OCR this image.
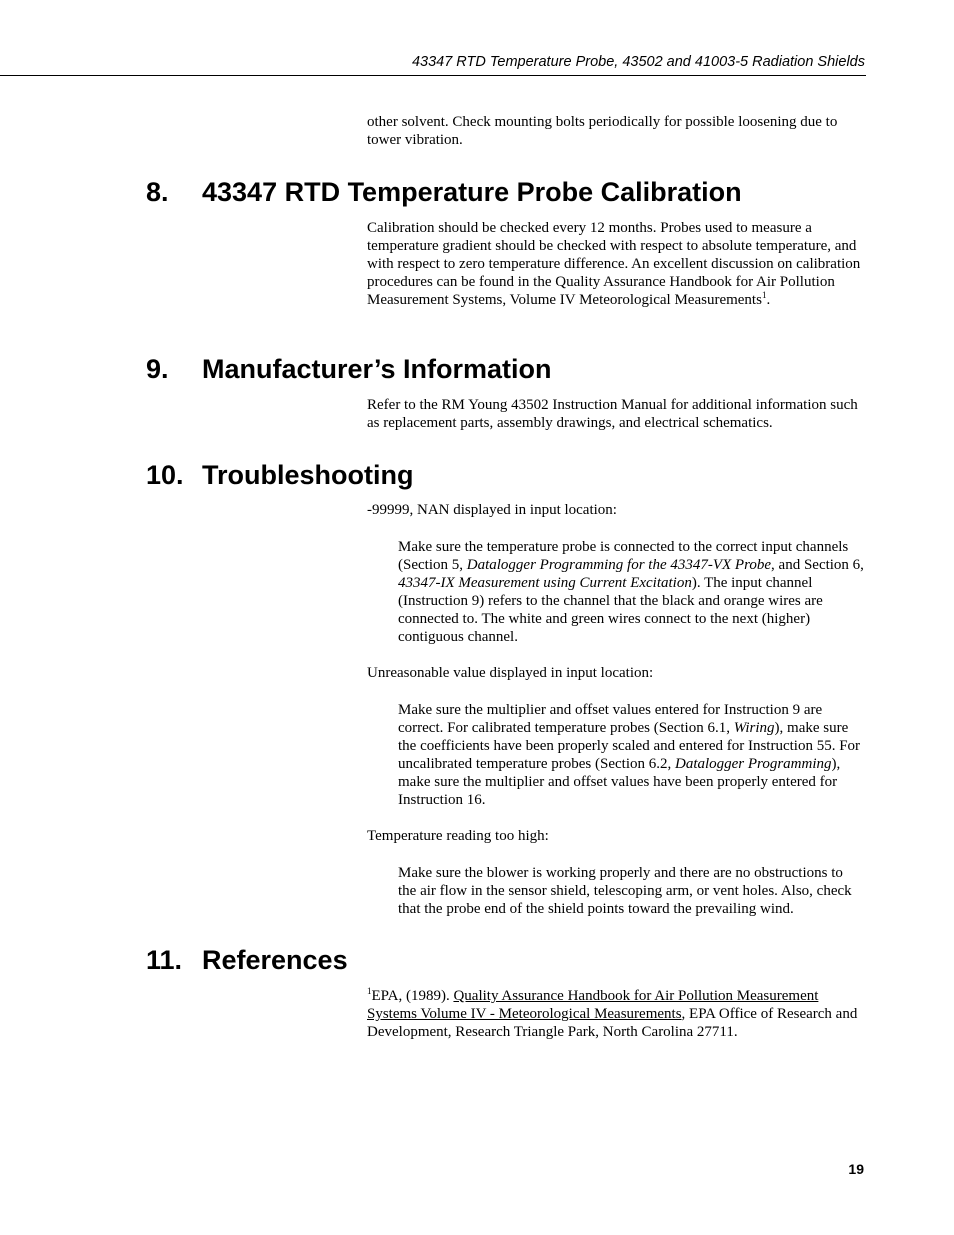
43347 RTD Temperature Probe, 43502 and 41003-5 Radiation Shields

other solvent. Check mounting bolts periodically for possible loosening due to tower vibration.

8. 43347 RTD Temperature Probe Calibration

Calibration should be checked every 12 months. Probes used to measure a temperature gradient should be checked with respect to absolute temperature, and with respect to zero temperature difference. An excellent discussion on calibration procedures can be found in the Quality Assurance Handbook for Air Pollution Measurement Systems, Volume IV Meteorological Measurements$^1$.

9. Manufacturer’s Information

Refer to the RM Young 43502 Instruction Manual for additional information such as replacement parts, assembly drawings, and electrical schematics.

10. Troubleshooting

-99999, NAN displayed in input location:

Make sure the temperature probe is connected to the correct input channels (Section 5, Datalogger Programming for the 43347-VX Probe, and Section 6, 43347-IX Measurement using Current Excitation). The input channel (Instruction 9) refers to the channel that the black and orange wires are connected to. The white and green wires connect to the next (higher) contiguous channel.

Unreasonable value displayed in input location:

Make sure the multiplier and offset values entered for Instruction 9 are correct. For calibrated temperature probes (Section 6.1, Wiring), make sure the coefficients have been properly scaled and entered for Instruction 55. For uncalibrated temperature probes (Section 6.2, Datalogger Programming), make sure the multiplier and offset values have been properly entered for Instruction 16.

Temperature reading too high:

Make sure the blower is working properly and there are no obstructions to the air flow in the sensor shield, telescoping arm, or vent holes. Also, check that the probe end of the shield points toward the prevailing wind.

11. References

$^1$EPA, (1989). Quality Assurance Handbook for Air Pollution Measurement Systems Volume IV - Meteorological Measurements, EPA Office of Research and Development, Research Triangle Park, North Carolina 27711.

19
